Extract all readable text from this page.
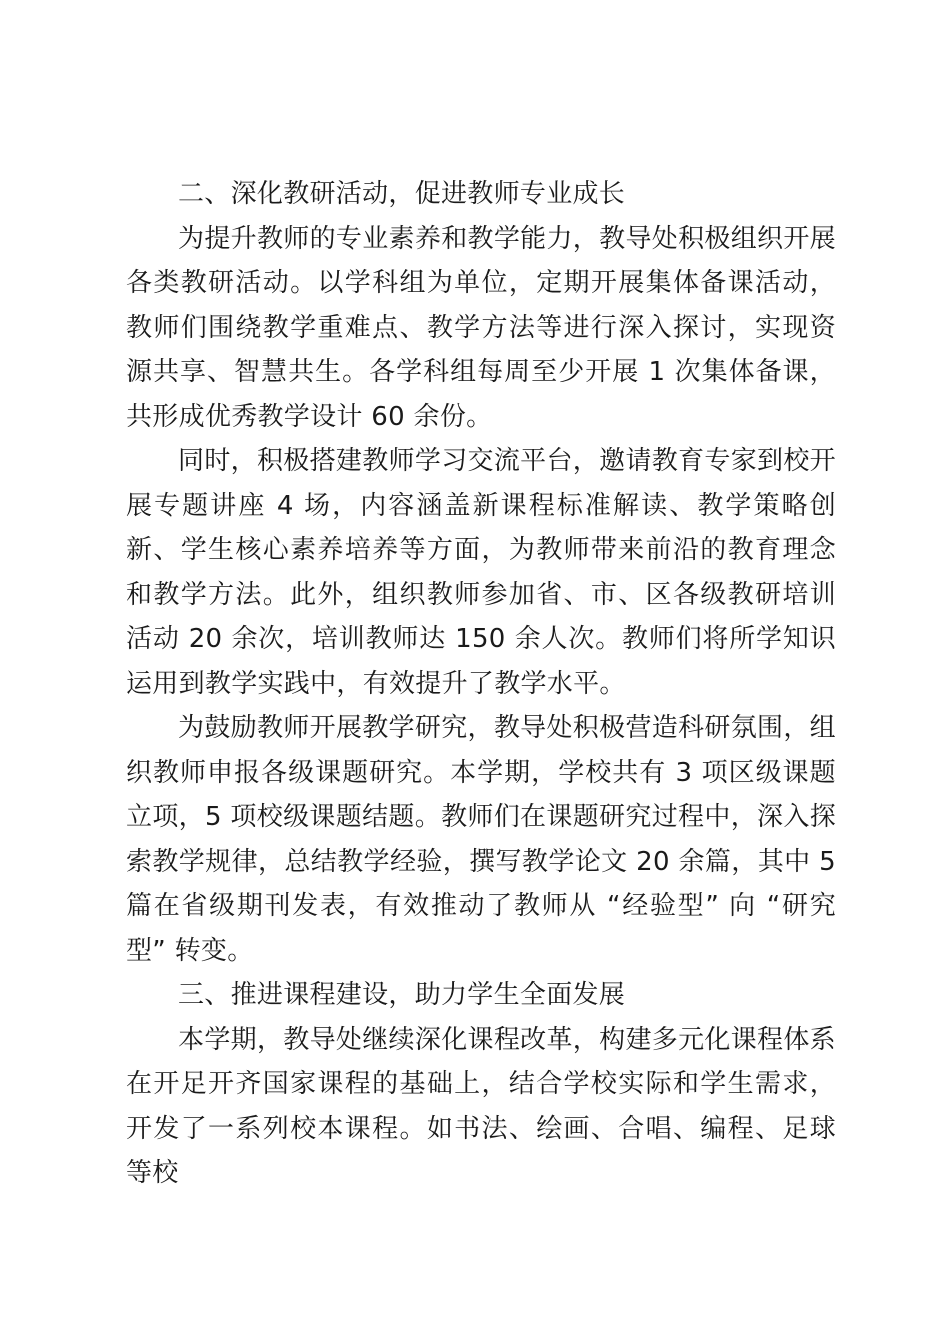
二、深化教研活动，促进教师专业成长

为提升教师的专业素养和教学能力，教导处积极组织开展各类教研活动。以学科组为单位，定期开展集体备课活动，教师们围绕教学重难点、教学方法等进行深入探讨，实现资源共享、智慧共生。各学科组每周至少开展 1 次集体备课，共形成优秀教学设计 60 余份。

同时，积极搭建教师学习交流平台，邀请教育专家到校开展专题讲座 4 场，内容涵盖新课程标准解读、教学策略创新、学生核心素养培养等方面，为教师带来前沿的教育理念和教学方法。此外，组织教师参加省、市、区各级教研培训活动 20 余次，培训教师达 150 余人次。教师们将所学知识运用到教学实践中，有效提升了教学水平。

为鼓励教师开展教学研究，教导处积极营造科研氛围，组织教师申报各级课题研究。本学期，学校共有 3 项区级课题立项，5 项校级课题结题。教师们在课题研究过程中，深入探索教学规律，总结教学经验，撰写教学论文 20 余篇，其中 5 篇在省级期刊发表，有效推动了教师从 “经验型” 向 “研究型” 转变。

三、推进课程建设，助力学生全面发展

本学期，教导处继续深化课程改革，构建多元化课程体系在开足开齐国家课程的基础上，结合学校实际和学生需求，开发了一系列校本课程。如书法、绘画、合唱、编程、足球等校
